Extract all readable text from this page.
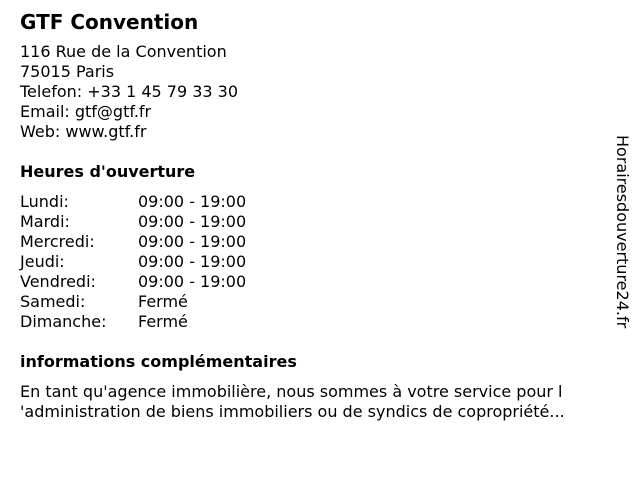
GTF Convention
116 Rue de la Convention
75015 Paris
Telefon: +33 1 45 79 33 30
Email: gtf@gtf.fr
Web: www.gtf.fr
Heures d'ouverture
Lundi:	09:00 - 19:00
Mardi:	09:00 - 19:00
Mercredi:	09:00 - 19:00
Jeudi:	09:00 - 19:00
Vendredi:	09:00 - 19:00
Samedi:	Fermé
Dimanche:	Fermé
informations complémentaires
En tant qu'agence immobilière, nous sommes à votre service pour l
'administration de biens immobiliers ou de syndics de copropriété...
Horairesdouverture24.fr
